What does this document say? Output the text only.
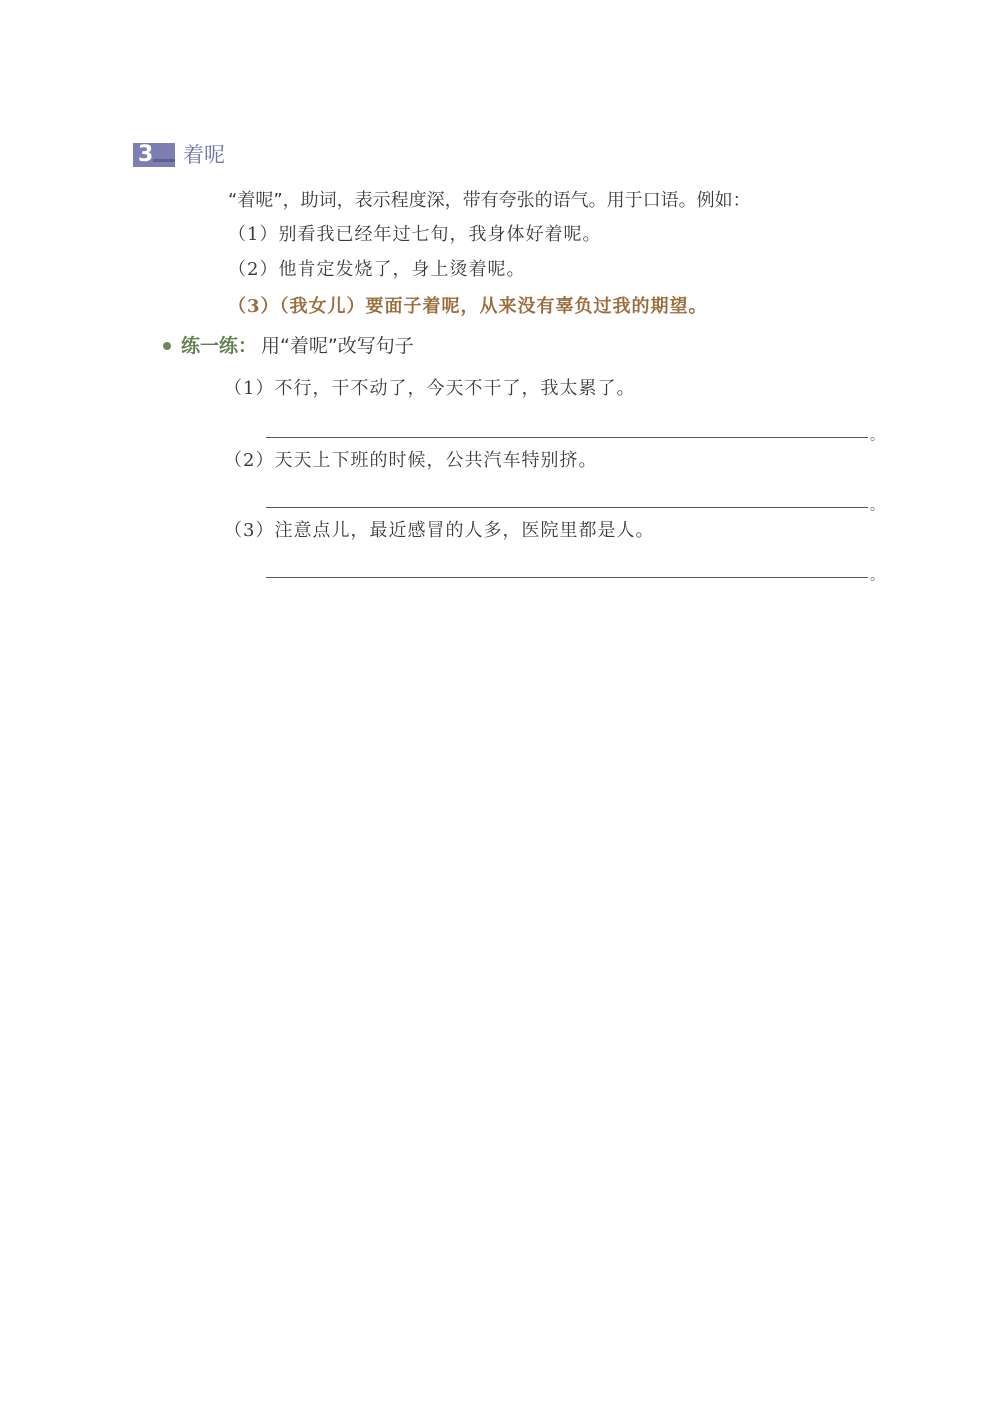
3 着呢
“着呢”，助词，表示程度深，带有夸张的语气。用于口语。例如：
（1）别看我已经年过七旬，我身体好着呢。
（2）他肯定发烧了，身上烫着呢。
（3）（我女儿）要面子着呢，从来没有辜负过我的期望。
练一练 ： 用“着呢”改写句子
（1）不行，干不动了，今天不干了，我太累了。
。
（2）天天上下班的时候，公共汽车特别挤。
。
（3）注意点儿，最近感冒的人多，医院里都是人。
。
